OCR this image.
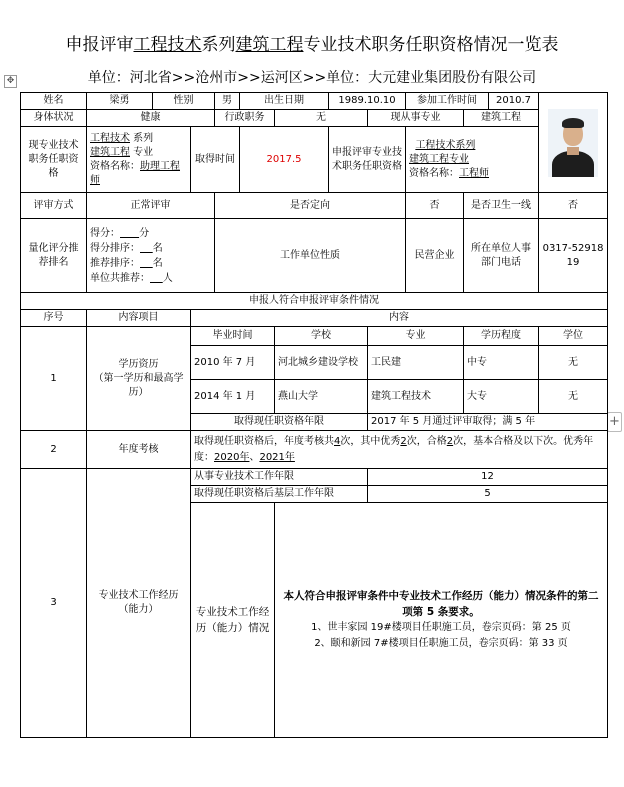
申报评审工程技术系列建筑工程专业技术职务任职资格情况一览表
单位：河北省>>沧州市>>运河区>>单位：大元建业集团股份有限公司
✥
+
姓名	梁勇	性别		男	出生日期		1989.10.10		参加工作时间		2010.7	

身体状况	健康			行政职务		无		现从事专业		建筑工程		
现专业技术职务任职资格	工程技术 系列
建筑工程 专业
资格名称：助理工程师		取得时间		2017.5		申报评审专业技术职务任职资格		工程技术系列
建筑工程专业
资格名称：工程师			

评审方式	正常评审			是否定向					否	是否卫生一线		否
量化评分推荐排名	得分： 分
得分排序： 名
推荐排序： 名
单位共推荐： 人			工作单位性质					民营企业	所在单位人事部门电话		0317-5291819
申报人符合申报评审条件情况												
序号	内容项目		内容									
1	学历资历
（第一学历和最高学历）		毕业时间			学校		专业		学历程度		学位
			2010 年 7 月			河北城乡建设学校		工民建		中专		无
			2014 年 1 月			燕山大学		建筑工程技术		大专		无
			取得现任职资格年限					2017 年 5 月通过评审取得；满 5 年				
2	年度考核		取得现任职资格后，年度考核共4次，其中优秀2次，合格2次，基本合格及以下次。优秀年度：2020年、2021年									
3	专业技术工作经历（能力）		从事专业技术工作年限					12				
			取得现任职资格后基层工作年限					5				
			专业技术工作经历（能力）情况			本人符合申报评审条件中专业技术工作经历（能力）情况条件的第二项第 5 条要求。
1、世丰家园 19#楼项目任职施工员，卷宗页码：第 25 页
2、颐和新园 7#楼项目任职施工员，卷宗页码：第 33 页						
